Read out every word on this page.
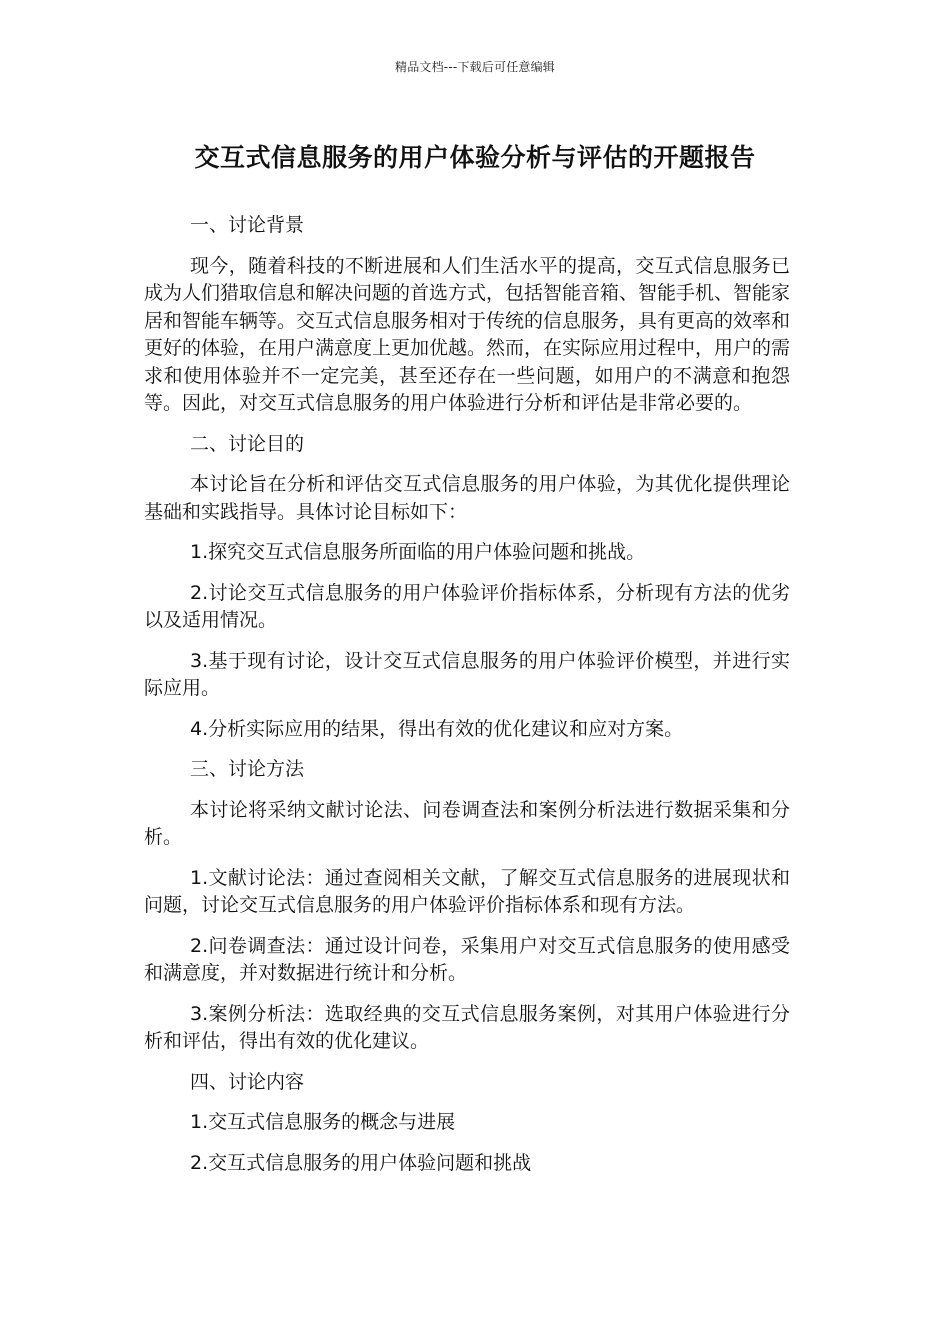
精品文档---下载后可任意编辑
交互式信息服务的用户体验分析与评估的开题报告

一、讨论背景

现今，随着科技的不断进展和人们生活水平的提高，交互式信息服务已成为人们猎取信息和解决问题的首选方式，包括智能音箱、智能手机、智能家居和智能车辆等。交互式信息服务相对于传统的信息服务，具有更高的效率和更好的体验，在用户满意度上更加优越。然而，在实际应用过程中，用户的需求和使用体验并不一定完美，甚至还存在一些问题，如用户的不满意和抱怨等。因此，对交互式信息服务的用户体验进行分析和评估是非常必要的。

二、讨论目的

本讨论旨在分析和评估交互式信息服务的用户体验，为其优化提供理论基础和实践指导。具体讨论目标如下：

1.探究交互式信息服务所面临的用户体验问题和挑战。

2.讨论交互式信息服务的用户体验评价指标体系，分析现有方法的优劣以及适用情况。

3.基于现有讨论，设计交互式信息服务的用户体验评价模型，并进行实际应用。

4.分析实际应用的结果，得出有效的优化建议和应对方案。

三、讨论方法

本讨论将采纳文献讨论法、问卷调查法和案例分析法进行数据采集和分析。

1.文献讨论法：通过查阅相关文献，了解交互式信息服务的进展现状和问题，讨论交互式信息服务的用户体验评价指标体系和现有方法。

2.问卷调查法：通过设计问卷，采集用户对交互式信息服务的使用感受和满意度，并对数据进行统计和分析。

3.案例分析法：选取经典的交互式信息服务案例，对其用户体验进行分析和评估，得出有效的优化建议。

四、讨论内容

1.交互式信息服务的概念与进展

2.交互式信息服务的用户体验问题和挑战
